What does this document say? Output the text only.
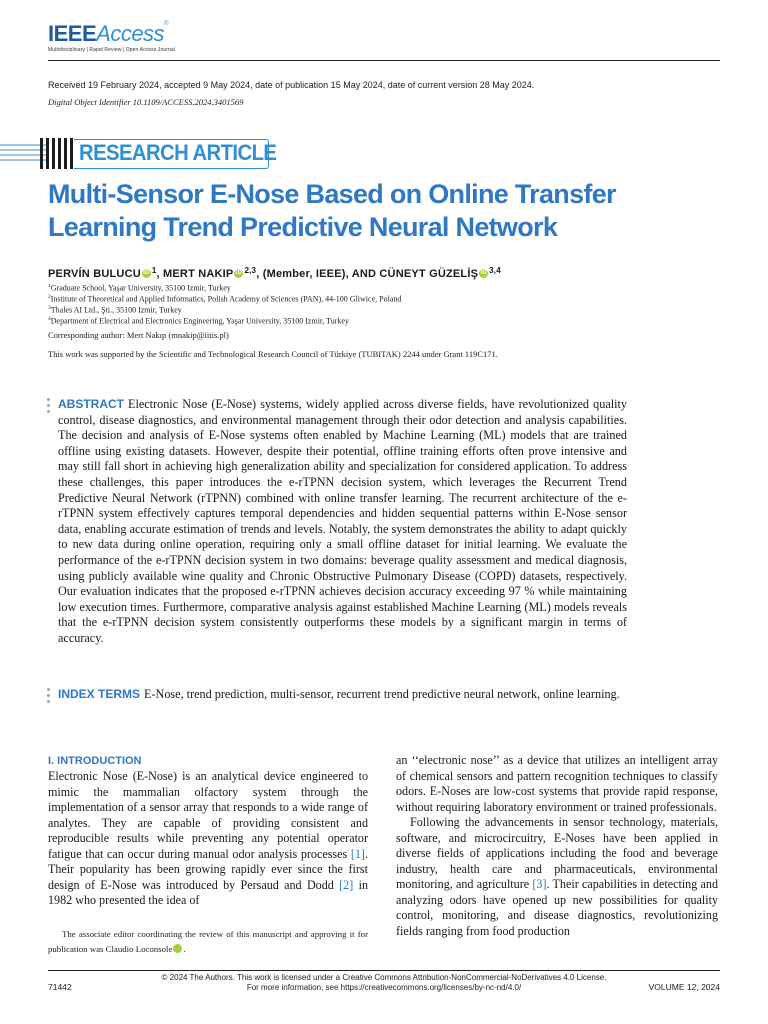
IEEEAccess®
Multidisciplinary | Rapid Review | Open Access Journal
Received 19 February 2024, accepted 9 May 2024, date of publication 15 May 2024, date of current version 28 May 2024.
Digital Object Identifier 10.1109/ACCESS.2024.3401569
RESEARCH ARTICLE
Multi-Sensor E-Nose Based on Online Transfer Learning Trend Predictive Neural Network
PERVÍN BULUCU iD $^1$, MERT NAKIP iD $^{2,3}$, (Member, IEEE), AND CÜNEYT GÜZELİŞ iD $^{3,4}$
$^1$Graduate School, Yaşar University, 35100 Izmir, Turkey
$^2$Institute of Theoretical and Applied Informatics, Polish Academy of Sciences (PAN), 44-100 Gliwice, Poland
$^3$Thales AI Ltd., Şti., 35100 Izmir, Turkey
$^4$Department of Electrical and Electronics Engineering, Yaşar University, 35100 Izmir, Turkey
Corresponding author: Mert Nakıp (mnakip@iitis.pl)
This work was supported by the Scientific and Technological Research Council of Türkiye (TUBITAK) 2244 under Grant 119C171.
ABSTRACT Electronic Nose (E-Nose) systems, widely applied across diverse fields, have revolutionized quality control, disease diagnostics, and environmental management through their odor detection and analysis capabilities. The decision and analysis of E-Nose systems often enabled by Machine Learning (ML) models that are trained offline using existing datasets. However, despite their potential, offline training efforts often prove intensive and may still fall short in achieving high generalization ability and specialization for considered application. To address these challenges, this paper introduces the e-rTPNN decision system, which leverages the Recurrent Trend Predictive Neural Network (rTPNN) combined with online transfer learning. The recurrent architecture of the e-rTPNN system effectively captures temporal dependencies and hidden sequential patterns within E-Nose sensor data, enabling accurate estimation of trends and levels. Notably, the system demonstrates the ability to adapt quickly to new data during online operation, requiring only a small offline dataset for initial learning. We evaluate the performance of the e-rTPNN decision system in two domains: beverage quality assessment and medical diagnosis, using publicly available wine quality and Chronic Obstructive Pulmonary Disease (COPD) datasets, respectively. Our evaluation indicates that the proposed e-rTPNN achieves decision accuracy exceeding 97 % while maintaining low execution times. Furthermore, comparative analysis against established Machine Learning (ML) models reveals that the e-rTPNN decision system consistently outperforms these models by a significant margin in terms of accuracy.
INDEX TERMS E-Nose, trend prediction, multi-sensor, recurrent trend predictive neural network, online learning.
I. INTRODUCTION
Electronic Nose (E-Nose) is an analytical device engineered to mimic the mammalian olfactory system through the implementation of a sensor array that responds to a wide range of analytes. They are capable of providing consistent and reproducible results while preventing any potential operator fatigue that can occur during manual odor analysis processes [1]. Their popularity has been growing rapidly ever since the first design of E-Nose was introduced by Persaud and Dodd [2] in 1982 who presented the idea of
The associate editor coordinating the review of this manuscript and approving it for publication was Claudio Loconsole	iD.
an ‘‘electronic nose’’ as a device that utilizes an intelligent array of chemical sensors and pattern recognition techniques to classify odors. E-Noses are low-cost systems that provide rapid response, without requiring laboratory environment or trained professionals.
Following the advancements in sensor technology, materials, software, and microcircuitry, E-Noses have been applied in diverse fields of applications including the food and beverage industry, health care and pharmaceuticals, environmental monitoring, and agriculture [3]. Their capabilities in detecting and analyzing odors have opened up new possibilities for quality control, monitoring, and disease diagnostics, revolutionizing fields ranging from food production
© 2024 The Authors. This work is licensed under a Creative Commons Attribution-NonCommercial-NoDerivatives 4.0 License.
For more information, see https://creativecommons.org/licenses/by-nc-nd/4.0/
71442	VOLUME 12, 2024
